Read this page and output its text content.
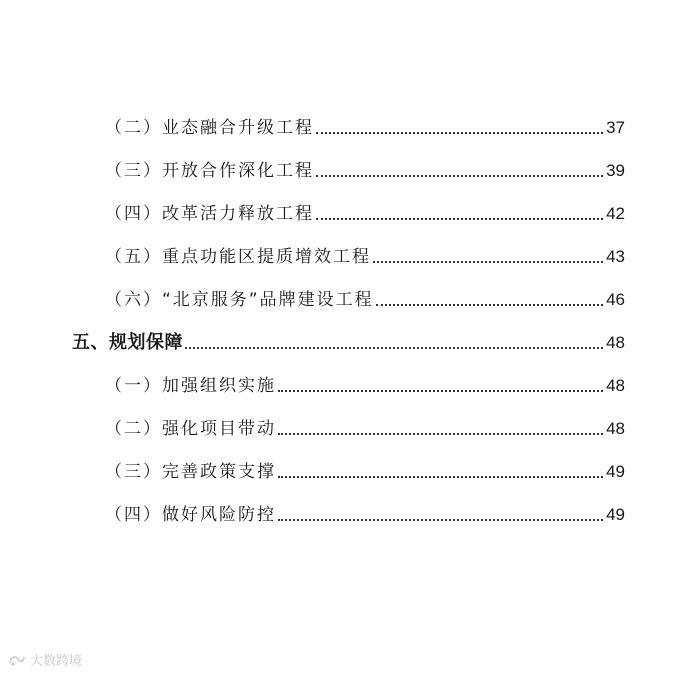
（二）业态融合升级工程	37
（三）开放合作深化工程	39
（四）改革活力释放工程	42
（五）重点功能区提质增效工程	43
（六）“北京服务”品牌建设工程	46
五、规划保障	48
（一）加强组织实施	48
（二）强化项目带动	48
（三）完善政策支撑	49
（四）做好风险防控	49
大数跨境
